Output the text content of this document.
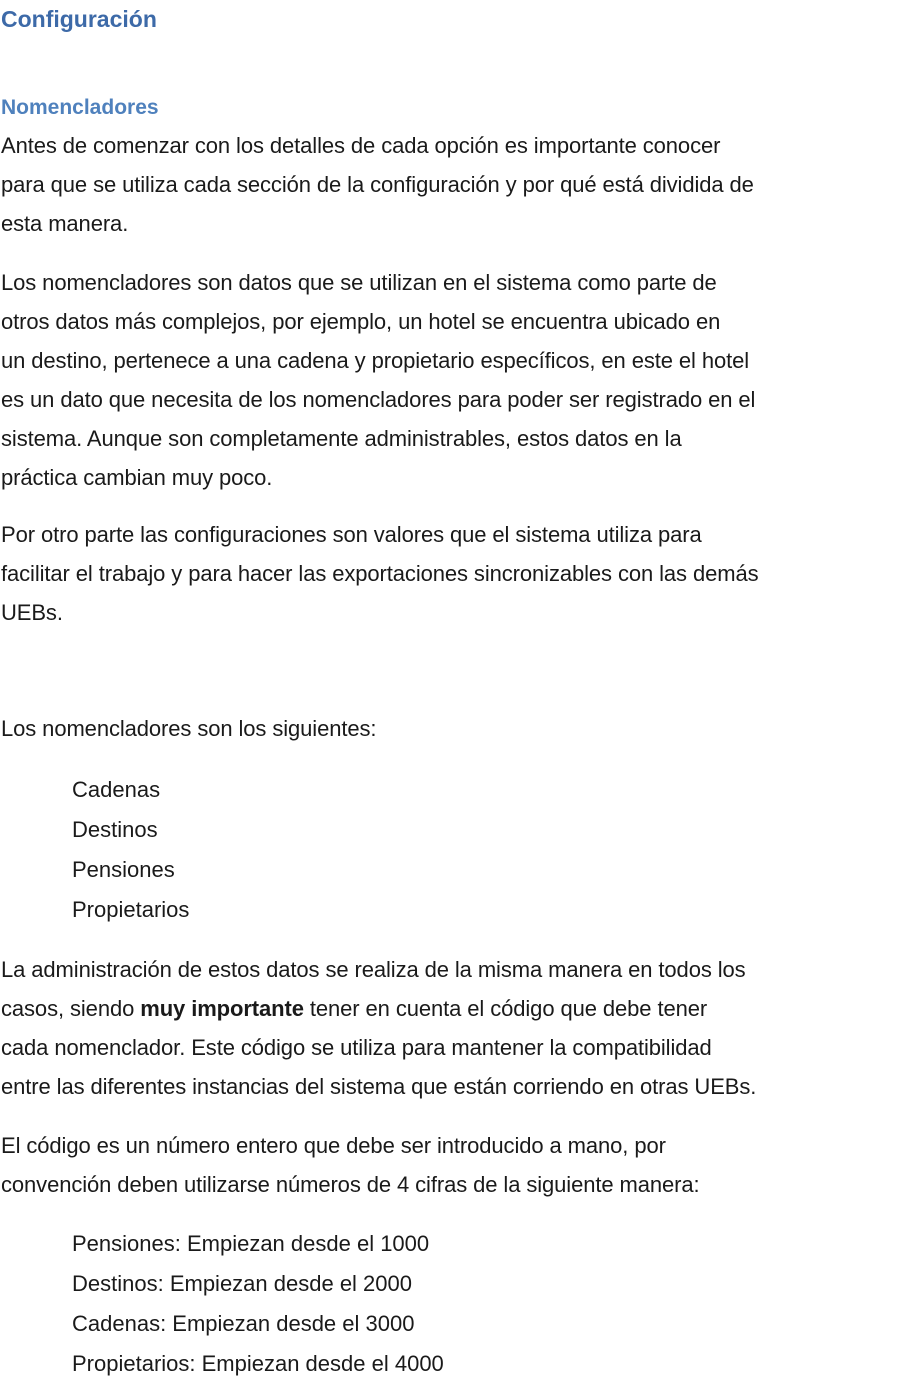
Configuración
Nomencladores

Antes de comenzar con los detalles de cada opción es importante conocer
para que se utiliza cada sección de la configuración y por qué está dividida de
esta manera.

Los nomencladores son datos que se utilizan en el sistema como parte de
otros datos más complejos, por ejemplo, un hotel se encuentra ubicado en
un destino, pertenece a una cadena y propietario específicos, en este el hotel
es un dato que necesita de los nomencladores para poder ser registrado en el
sistema. Aunque son completamente administrables, estos datos en la
práctica cambian muy poco.

Por otro parte las configuraciones son valores que el sistema utiliza para
facilitar el trabajo y para hacer las exportaciones sincronizables con las demás
UEBs.

Los nomencladores son los siguientes:

Cadenas
Destinos
Pensiones
Propietarios

La administración de estos datos se realiza de la misma manera en todos los
casos, siendo muy importante tener en cuenta el código que debe tener
cada nomenclador. Este código se utiliza para mantener la compatibilidad
entre las diferentes instancias del sistema que están corriendo en otras UEBs.

El código es un número entero que debe ser introducido a mano, por
convención deben utilizarse números de 4 cifras de la siguiente manera:

Pensiones: Empiezan desde el 1000
Destinos: Empiezan desde el 2000
Cadenas: Empiezan desde el 3000
Propietarios: Empiezan desde el 4000
